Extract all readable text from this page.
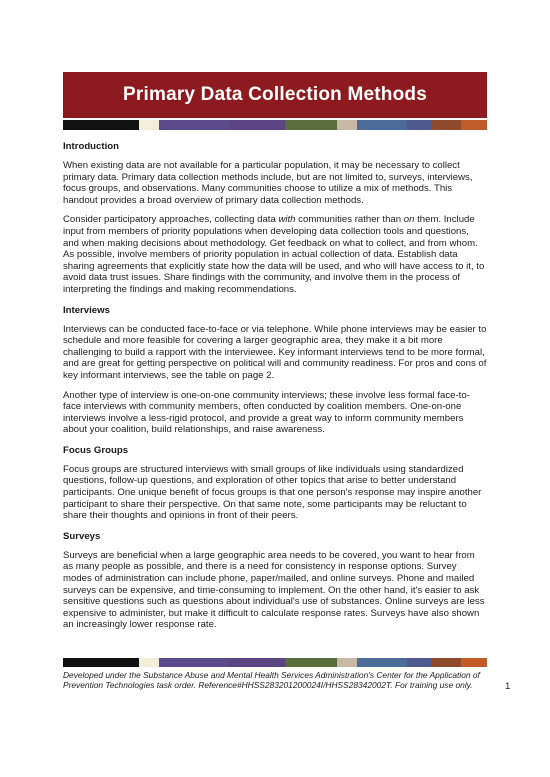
Primary Data Collection Methods
Introduction

When existing data are not available for a particular population, it may be necessary to collect primary data. Primary data collection methods include, but are not limited to, surveys, interviews, focus groups, and observations. Many communities choose to utilize a mix of methods. This handout provides a broad overview of primary data collection methods.

Consider participatory approaches, collecting data with communities rather than on them. Include input from members of priority populations when developing data collection tools and questions, and when making decisions about methodology. Get feedback on what to collect, and from whom. As possible, involve members of priority population in actual collection of data. Establish data sharing agreements that explicitly state how the data will be used, and who will have access to it, to avoid data trust issues. Share findings with the community, and involve them in the process of interpreting the findings and making recommendations.

Interviews

Interviews can be conducted face-to-face or via telephone. While phone interviews may be easier to schedule and more feasible for covering a larger geographic area, they make it a bit more challenging to build a rapport with the interviewee. Key informant interviews tend to be more formal, and are great for getting perspective on political will and community readiness. For pros and cons of key informant interviews, see the table on page 2.

Another type of interview is one-on-one community interviews; these involve less formal face-to-face interviews with community members, often conducted by coalition members. One-on-one interviews involve a less-rigid protocol, and provide a great way to inform community members about your coalition, build relationships, and raise awareness.

Focus Groups

Focus groups are structured interviews with small groups of like individuals using standardized questions, follow-up questions, and exploration of other topics that arise to better understand participants. One unique benefit of focus groups is that one person's response may inspire another participant to share their perspective. On that same note, some participants may be reluctant to share their thoughts and opinions in front of their peers.

Surveys

Surveys are beneficial when a large geographic area needs to be covered, you want to hear from as many people as possible, and there is a need for consistency in response options. Survey modes of administration can include phone, paper/mailed, and online surveys. Phone and mailed surveys can be expensive, and time-consuming to implement. On the other hand, it's easier to ask sensitive questions such as questions about individual's use of substances. Online surveys are less expensive to administer, but make it difficult to calculate response rates. Surveys have also shown an increasingly lower response rate.

Developed under the Substance Abuse and Mental Health Services Administration's Center for the Application of Prevention Technologies task order. Reference#HHSS283201200024I/HHSS28342002T. For training use only.	1
